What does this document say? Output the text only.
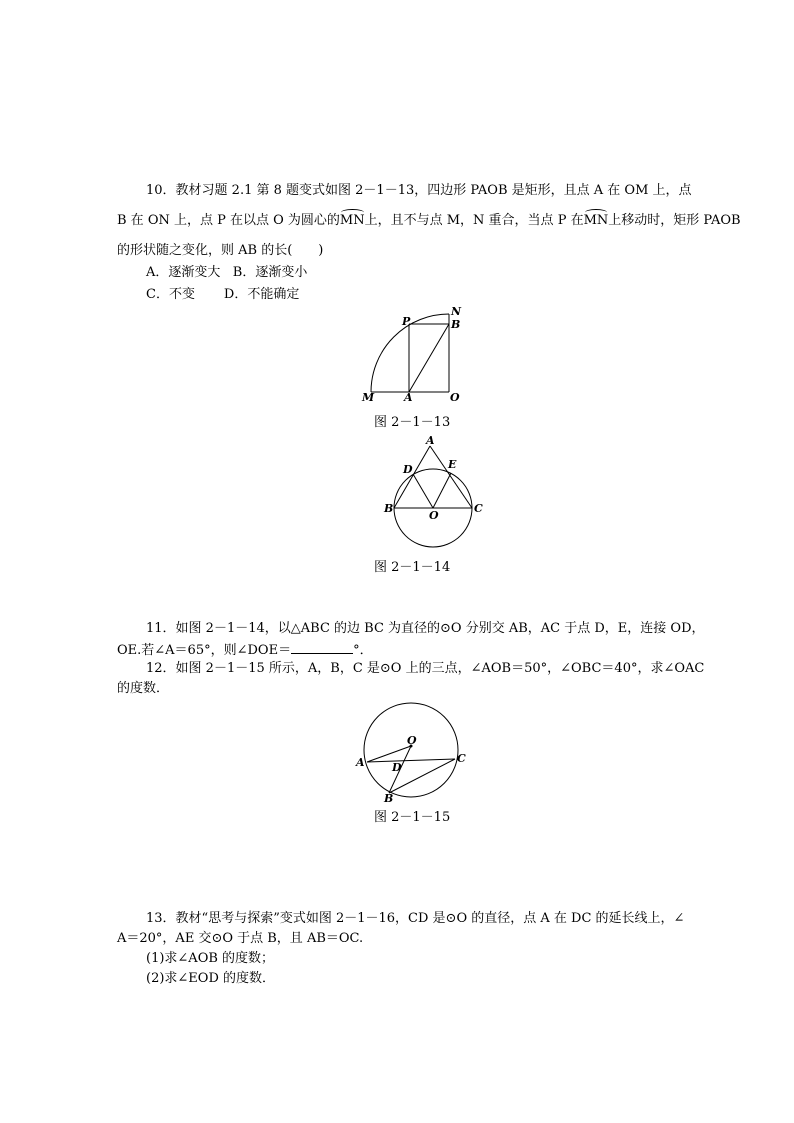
10．教材习题 2.1 第 8 题变式如图 2－1－13，四边形 PAOB 是矩形，且点 A 在 OM 上，点
B 在 ON 上，点 P 在以点 O 为圆心的MN上，且不与点 M，N 重合，当点 P 在MN上移动时，矩形 PAOB
的形状随之变化，则 AB 的长(　　)
A．逐渐变大 B．逐渐变小
C．不变 D．不能确定
P
N
B
M	A	O
A
D	E
B
O
C
O
A D
C
B
图 2－1－13
图 2－1－14
11．如图 2－1－14，以△ABC 的边 BC 为直径的⊙O 分别交 AB，AC 于点 D，E，连接 OD，
OE.若∠A＝65°，则∠DOE＝	°．
12．如图 2－1－15 所示，A，B，C 是⊙O 上的三点，∠AOB＝50°，∠OBC＝40°，求∠OAC
的度数．
图 2－1－15
13．教材“思考与探索”变式如图 2－1－16，CD 是⊙O 的直径，点 A 在 DC 的延长线上，∠
A＝20°，AE 交⊙O 于点 B，且 AB＝OC.
(1)求∠AOB 的度数；
(2)求∠EOD 的度数．
